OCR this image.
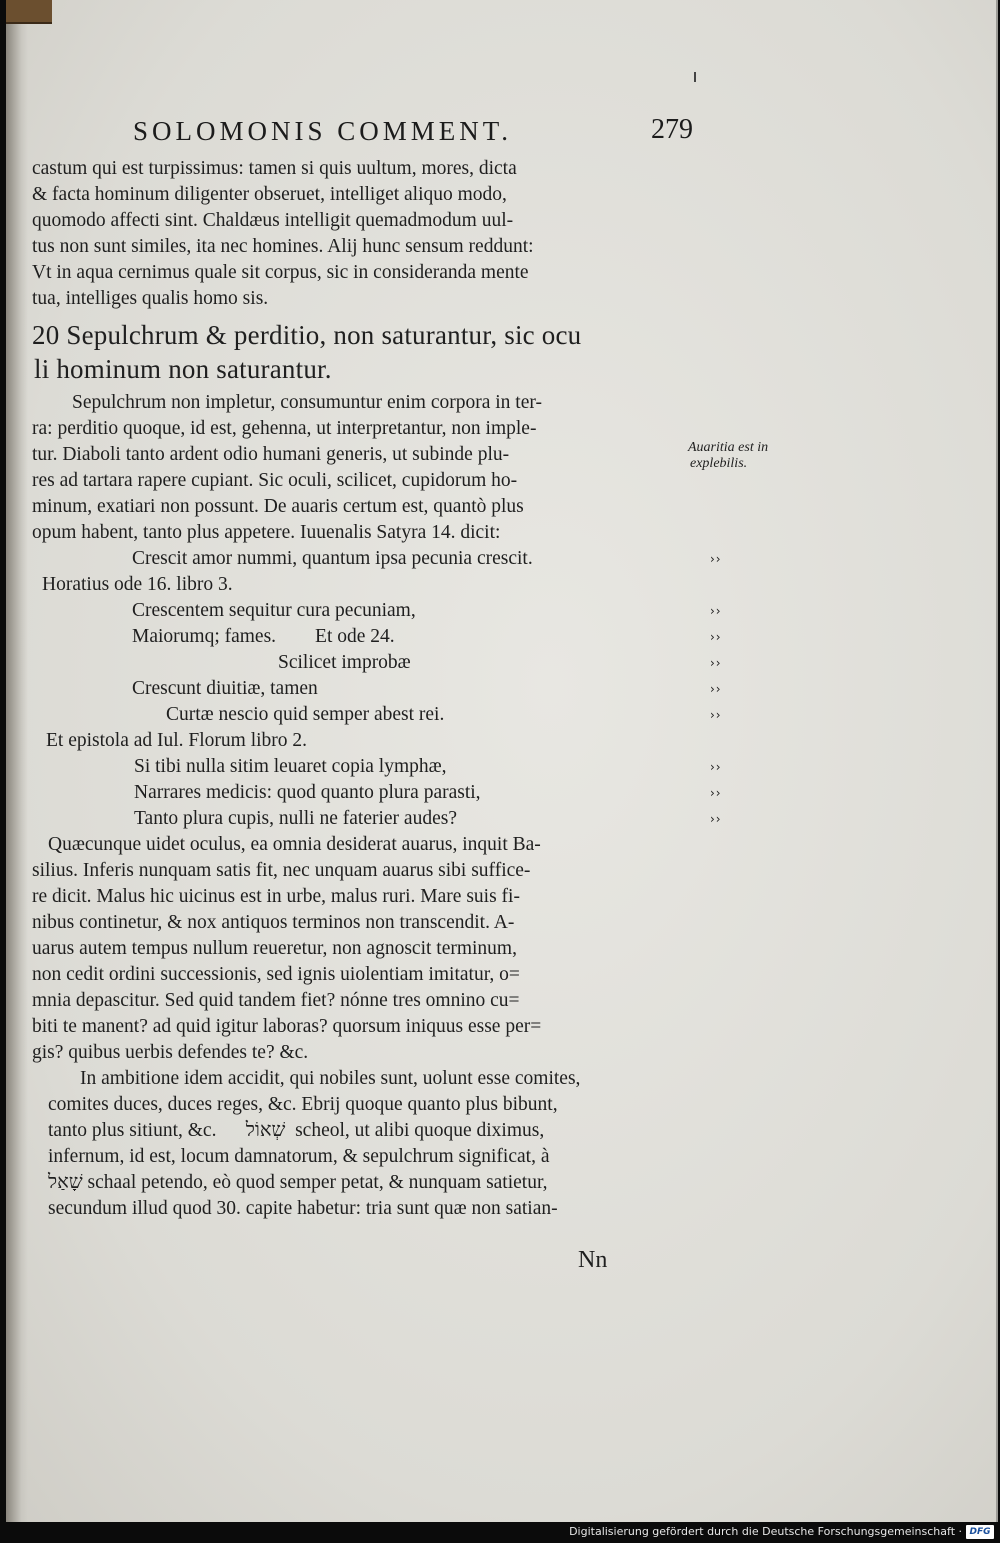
SOLOMONIS COMMENT.	279
castum qui est turpissimus: tamen si quis uultum, mores, dicta
& facta hominum diligenter obseruet, intelliget aliquo modo,
quomodo affecti sint. Chaldæus intelligit quemadmodum uul-
tus non sunt similes, ita nec homines. Alij hunc sensum reddunt:
Vt in aqua cernimus quale sit corpus, sic in considerandа mente
tua, intelliges qualis homo sis.
20 Sepulchrum & perditio, non saturantur, sic ocu
li hominum non saturantur.
Sepulchrum non impletur, consumuntur enim corpora in ter-
ra: perditio quoque, id est, gehenna, ut interpretantur, non imple-
tur. Diaboli tanto ardent odio humani generis, ut subinde plu-
res ad tartara rapere cupiant. Sic oculi, scilicet, cupidorum ho-
minum, exatiari non possunt. De auaris certum est, quantò plus
opum habent, tanto plus appetere. Iuuenalis Satyra 14. dicit:
Crescit amor nummi, quantum ipsa pecunia crescit.	››
Horatius ode 16. libro 3.
Crescentem sequitur cura pecuniam,	››
Maiorumq; fames.        Et ode 24.	››
Scilicet improbæ	››
Crescunt diuitiæ, tamen	››
Curtæ nescio quid semper abest rei.	››
Et epistola ad Iul. Florum libro 2.
Si tibi nulla sitim leuaret copia lymphæ,	››
Narrares medicis: quod quanto plura parasti,	››
Tanto plura cupis, nulli ne faterier audes?	››
Quæcunque uidet oculus, ea omnia desiderat auarus, inquit Ba-
silius. Inferis nunquam satis fit, nec unquam auarus sibi suffice-
re dicit. Malus hic uicinus est in urbe, malus ruri. Mare suis fi-
nibus continetur, & nox antiquos terminos non transcendit. A-
uarus autem tempus nullum reueretur, non agnoscit terminum,
non cedit ordini successionis, sed ignis uiolentiam imitatur, o=
mnia depascitur. Sed quid tandem fiet? nónne tres omnino cu=
biti te manent? ad quid igitur laboras? quorsum iniquus esse per=
gis? quibus uerbis defendes te? &c.
In ambitione idem accidit, qui nobiles sunt, uolunt esse comites,
comites duces, duces reges, &c. Ebrij quoque quanto plus bibunt,
tanto plus sitiunt, &c.      שְׁאוֹל  scheol, ut alibi quoque diximus,
infernum, id est, locum damnatorum, & sepulchrum significat, à
שָׁאַל schaal petendo, eò quod semper petat, & nunquam satietur,
secundum illud quod 30. capite habetur: tria sunt quæ non satian-
Auaritia est in
explebilis.
Nn
Digitalisierung gefördert durch die Deutsche Forschungsgemeinschaft · DFG
